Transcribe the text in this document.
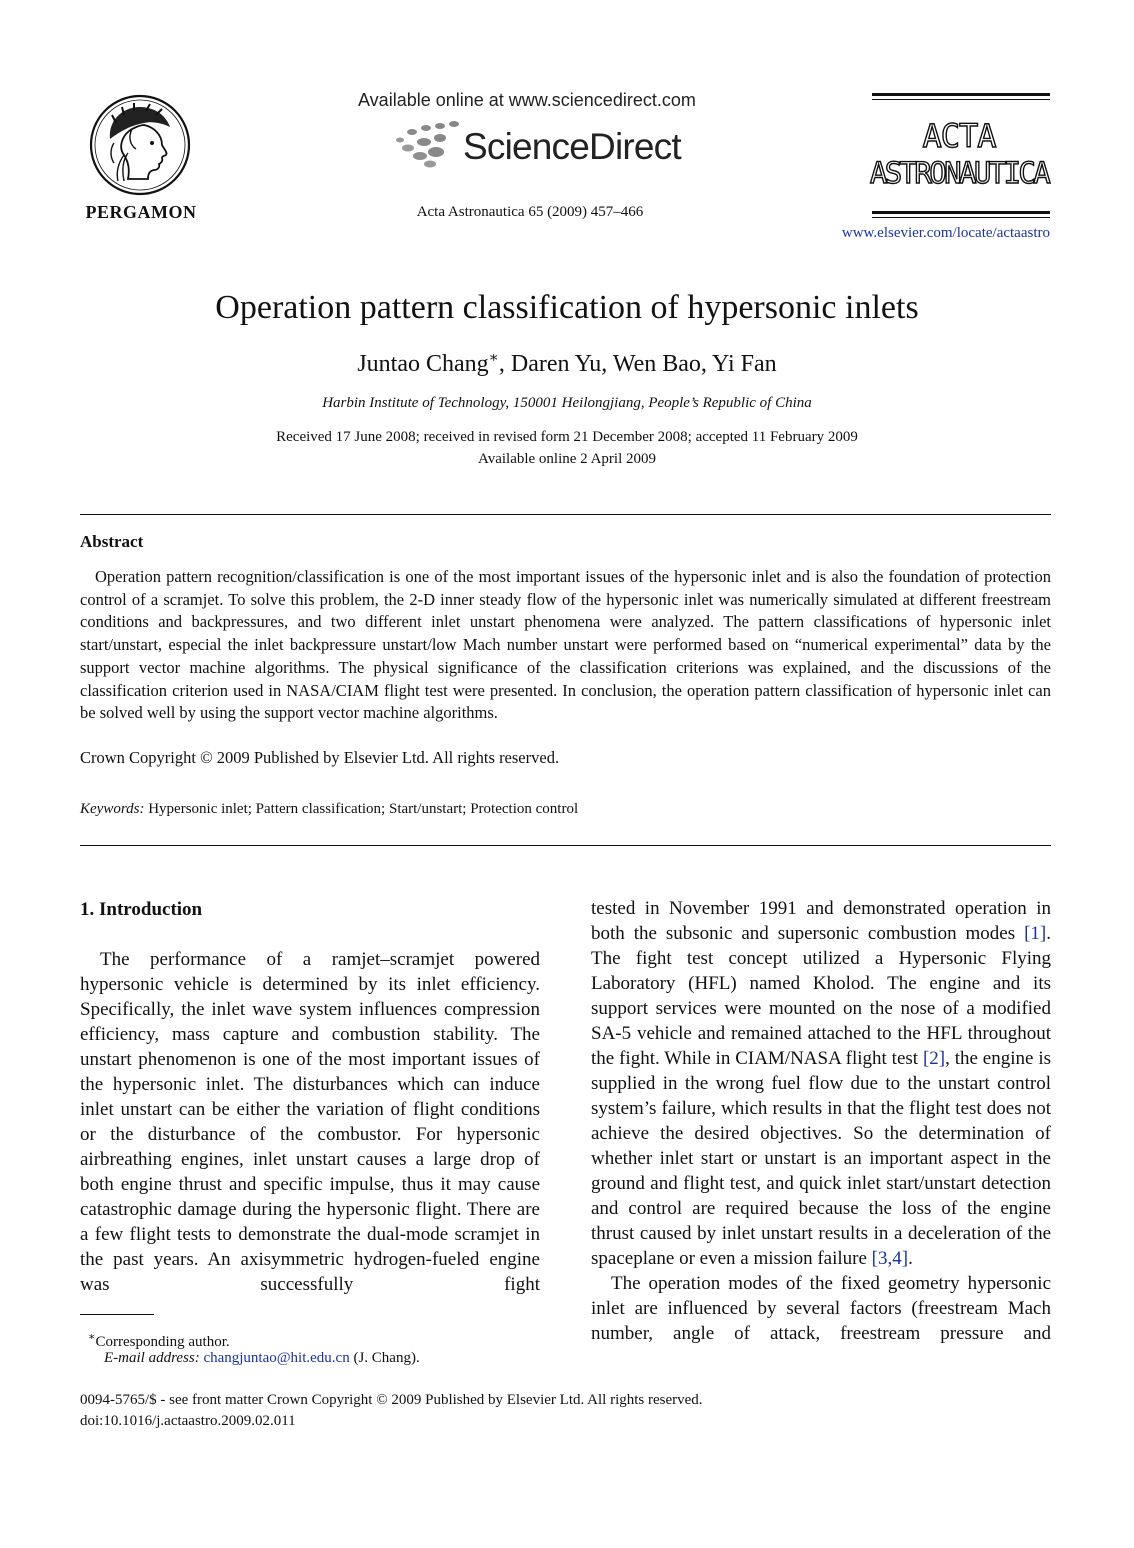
PERGAMON
Available online at www.sciencedirect.com
ScienceDirect
Acta Astronautica 65 (2009) 457–466
ACTA
ASTRONAUTICA
www.elsevier.com/locate/actaastro
Operation pattern classification of hypersonic inlets
Juntao Chang∗, Daren Yu, Wen Bao, Yi Fan
Harbin Institute of Technology, 150001 Heilongjiang, People’s Republic of China
Received 17 June 2008; received in revised form 21 December 2008; accepted 11 February 2009
Available online 2 April 2009
Abstract

Operation pattern recognition/classification is one of the most important issues of the hypersonic inlet and is also the foundation of protection control of a scramjet. To solve this problem, the 2-D inner steady flow of the hypersonic inlet was numerically simulated at different freestream conditions and backpressures, and two different inlet unstart phenomena were analyzed. The pattern classifications of hypersonic inlet start/unstart, especial the inlet backpressure unstart/low Mach number unstart were performed based on “numerical experimental” data by the support vector machine algorithms. The physical significance of the classification criterions was explained, and the discussions of the classification criterion used in NASA/CIAM flight test were presented. In conclusion, the operation pattern classification of hypersonic inlet can be solved well by using the support vector machine algorithms.

Crown Copyright © 2009 Published by Elsevier Ltd. All rights reserved.
Keywords: Hypersonic inlet; Pattern classification; Start/unstart; Protection control
1. Introduction

The performance of a ramjet–scramjet powered hypersonic vehicle is determined by its inlet efficiency. Specifically, the inlet wave system influences compression efficiency, mass capture and combustion stability. The unstart phenomenon is one of the most important issues of the hypersonic inlet. The disturbances which can induce inlet unstart can be either the variation of flight conditions or the disturbance of the combustor. For hypersonic airbreathing engines, inlet unstart causes a large drop of both engine thrust and specific impulse, thus it may cause catastrophic damage during the hypersonic flight. There are a few flight tests to demonstrate the dual-mode scramjet in the past years. An axisymmetric hydrogen-fueled engine was successfully fight

tested in November 1991 and demonstrated operation in both the subsonic and supersonic combustion modes [1]. The fight test concept utilized a Hypersonic Flying Laboratory (HFL) named Kholod. The engine and its support services were mounted on the nose of a modified SA-5 vehicle and remained attached to the HFL throughout the fight. While in CIAM/NASA flight test [2], the engine is supplied in the wrong fuel flow due to the unstart control system’s failure, which results in that the flight test does not achieve the desired objectives. So the determination of whether inlet start or unstart is an important aspect in the ground and flight test, and quick inlet start/unstart detection and control are required because the loss of the engine thrust caused by inlet unstart results in a deceleration of the spaceplane or even a mission failure [3,4].

The operation modes of the fixed geometry hypersonic inlet are influenced by several factors (freestream Mach number, angle of attack, freestream pressure and

∗Corresponding author.
E-mail address: changjuntao@hit.edu.cn (J. Chang).
0094-5765/$ - see front matter Crown Copyright © 2009 Published by Elsevier Ltd. All rights reserved.
doi:10.1016/j.actaastro.2009.02.011
